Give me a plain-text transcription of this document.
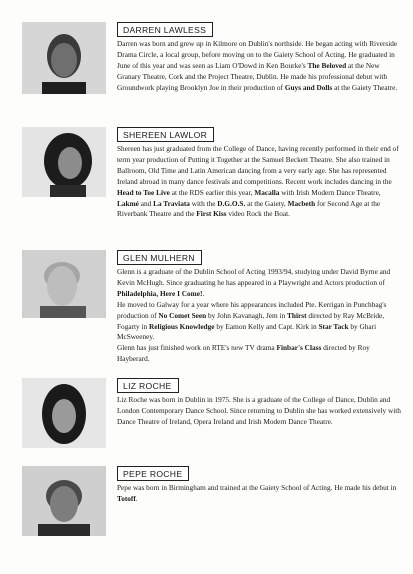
DARREN LAWLESS

Darren was born and grew up in Kilmore on Dublin's northside. He began acting with Riverside Drama Circle, a local group, before moving on to the Gaiety School of Acting. He graduated in June of this year and was seen as Liam O'Dowd in Ken Bourke's The Beloved at the New Granary Theatre, Cork and the Project Theatre, Dublin. He made his professional debut with Groundwork playing Brooklyn Joe in their production of Guys and Dolls at the Gaiety Theatre.

SHEREEN LAWLOR

Shereen has just graduated from the College of Dance, having recently performed in their end of term year production of Putting it Together at the Samuel Beckett Theatre. She also trained in Ballroom, Old Time and Latin American dancing from a very early age. She has represented Ireland abroad in many dance festivals and competitions. Recent work includes dancing in the Head to Toe Live at the RDS earlier this year, Macalla with Irish Modern Dance Theatre, Lakmé and La Traviata with the D.G.O.S. at the Gaiety, Macbeth for Second Age at the Riverbank Theatre and the First Kiss video Rock the Boat.

GLEN MULHERN

Glenn is a graduate of the Dublin School of Acting 1993/94, studying under David Byrne and Kevin McHugh. Since graduating he has appeared in a Playwright and Actors production of Philadelphia, Here I Come!.
He moved to Galway for a year where his appearances included Pte. Kerrigan in Punchbag's production of No Comet Seen by John Kavanagh, Jem in Thirst directed by Ray McBride, Fogarty in Religious Knowledge by Eamon Kelly and Capt. Kirk in Star Tack by Ghari McSweeney.
Glenn has just finished work on RTE's new TV drama Finbar's Class directed by Roy Hayberard.

LIZ ROCHE

Liz Roche was born in Dublin in 1975. She is a graduate of the College of Dance, Dublin and London Contemporary Dance School. Since returning to Dublin she has worked extensively with Dance Theatre of Ireland, Opera Ireland and Irish Modern Dance Theatre.

PEPE ROCHE

Pepe was born in Birmingham and trained at the Gaiety School of Acting. He made his debut in Totoff.
